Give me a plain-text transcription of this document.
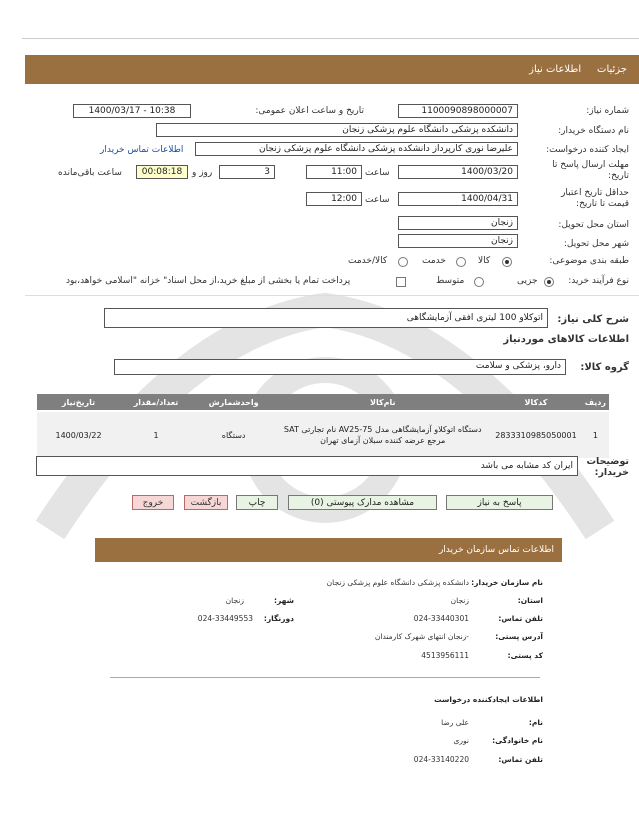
جزئیات     اطلاعات نیاز
شماره نیاز:
1100090898000007
تاریخ و ساعت اعلان عمومی:
1400/03/17 - 10:38
نام دستگاه خریدار:
دانشکده پزشکی دانشگاه علوم پزشکی زنجان
ایجاد کننده درخواست:
علیرضا نوری کارپرداز دانشکده پزشکی دانشگاه علوم پزشکی زنجان
اطلاعات تماس خریدار
مهلت ارسال پاسخ تا تاریخ:
1400/03/20
ساعت
11:00
3
روز و
00:08:18
ساعت باقی‌مانده
حداقل تاریخ اعتبار قیمت تا تاریخ:
1400/04/31
ساعت
12:00
استان محل تحویل:
زنجان
شهر محل تحویل:
زنجان
طبقه بندی موضوعی:
کالا
خدمت
کالا/خدمت
نوع فرآیند خرید:
جزیی
متوسط
پرداخت تمام یا بخشی از مبلغ خرید،از محل اسناد" خزانه "اسلامی خواهد،بود
شرح کلی نیاز:
اتوکلاو 100 لیتری افقی آزمایشگاهی
اطلاعات کالاهای موردنیاز
گروه کالا:
دارو، پزشکی و سلامت
ردیف	کدکالا	نام‌کالا	واحدشمارش	تعداد/مقدار	تاریخ‌نیاز
1	2833310985050001	دستگاه اتوکلاو آزمایشگاهی مدل AV25-75 نام تجارتی SAT مرجع عرضه کننده سبلان آزمای تهران	دستگاه	1	1400/03/22
توضیحات خریدار:
ایران کد مشابه می باشد
پاسخ به نیاز
مشاهده مدارک پیوستی (0)
چاپ
بازگشت
خروج
اطلاعات تماس سازمان خریدار
نام سازمان خریدار:
دانشکده پزشکی دانشگاه علوم پزشکی زنجان
استان:
زنجان
شهر:
زنجان
تلفن تماس:
024-33440301
دورنگار:
024-33449553
آدرس پستی:
-زنجان انتهای شهرک کارمندان
کد پستی:
4513956111
اطلاعات ایجادکننده درخواست
نام:
علی رضا
نام خانوادگی:
نوری
تلفن تماس:
024-33140220
